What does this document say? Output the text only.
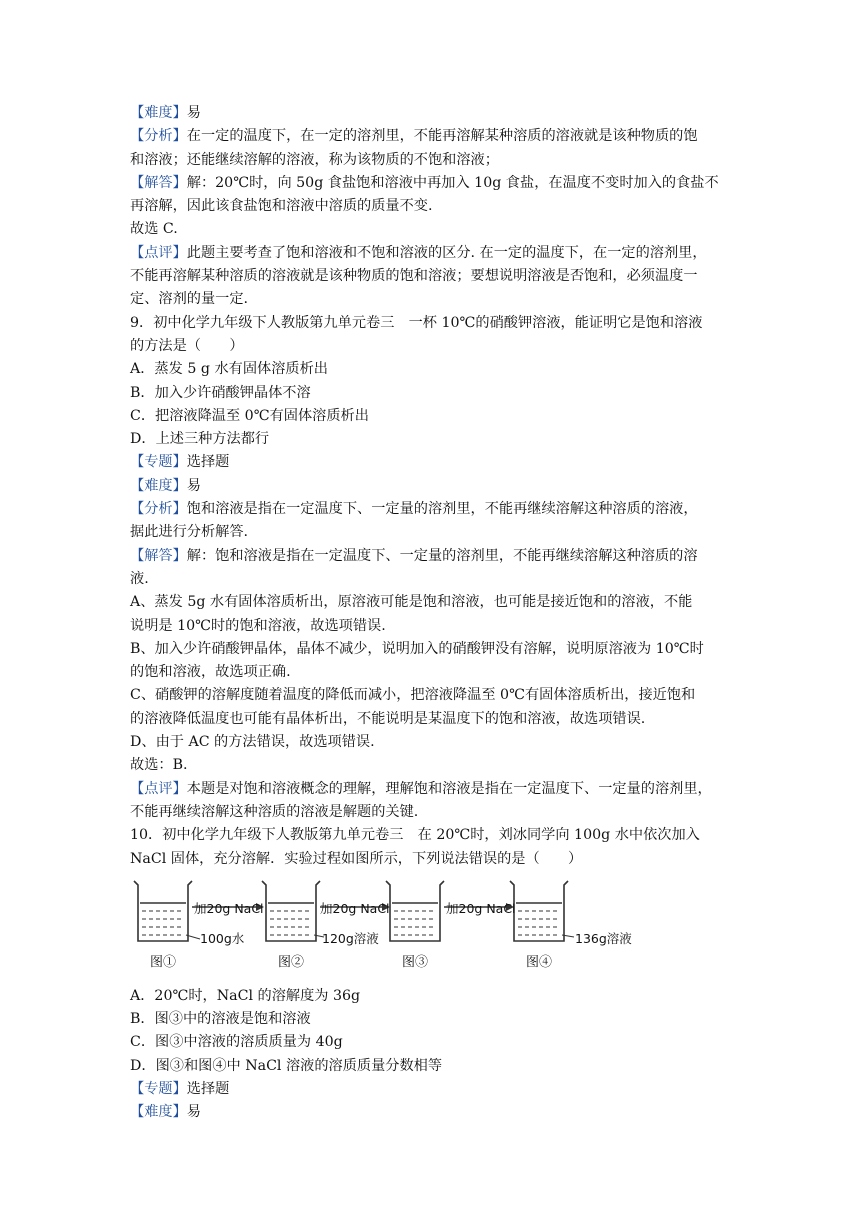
【难度】易
【分析】在一定的温度下，在一定的溶剂里，不能再溶解某种溶质的溶液就是该种物质的饱
和溶液；还能继续溶解的溶液，称为该物质的不饱和溶液；
【解答】解：20℃时，向 50g 食盐饱和溶液中再加入 10g 食盐，在温度不变时加入的食盐不
再溶解，因此该食盐饱和溶液中溶质的质量不变.
故选 C.
【点评】此题主要考查了饱和溶液和不饱和溶液的区分. 在一定的温度下，在一定的溶剂里，
不能再溶解某种溶质的溶液就是该种物质的饱和溶液；要想说明溶液是否饱和，必须温度一
定、溶剂的量一定.
9．初中化学九年级下人教版第九单元卷三　一杯 10℃的硝酸钾溶液，能证明它是饱和溶液
的方法是（　　）
A．蒸发 5 g 水有固体溶质析出
B．加入少许硝酸钾晶体不溶
C．把溶液降温至 0℃有固体溶质析出
D．上述三种方法都行
【专题】选择题
【难度】易
【分析】饱和溶液是指在一定温度下、一定量的溶剂里，不能再继续溶解这种溶质的溶液，
据此进行分析解答.
【解答】解：饱和溶液是指在一定温度下、一定量的溶剂里，不能再继续溶解这种溶质的溶
液.
A、蒸发 5g 水有固体溶质析出，原溶液可能是饱和溶液，也可能是接近饱和的溶液，不能
说明是 10℃时的饱和溶液，故选项错误.
B、加入少许硝酸钾晶体，晶体不减少，说明加入的硝酸钾没有溶解，说明原溶液为 10℃时
的饱和溶液，故选项正确.
C、硝酸钾的溶解度随着温度的降低而减小，把溶液降温至 0℃有固体溶质析出，接近饱和
的溶液降低温度也可能有晶体析出，不能说明是某温度下的饱和溶液，故选项错误.
D、由于 AC 的方法错误，故选项错误.
故选：B.
【点评】本题是对饱和溶液概念的理解，理解饱和溶液是指在一定温度下、一定量的溶剂里，
不能再继续溶解这种溶质的溶液是解题的关键.
10．初中化学九年级下人教版第九单元卷三　在 20℃时，刘冰同学向 100g 水中依次加入
NaCl 固体，充分溶解．实验过程如图所示，下列说法错误的是（　　）
加20g NaCl	加20g NaCl	加20g NaCl
100g水	120g溶液	136g溶液
图①	图②	图③	图④
A．20℃时，NaCl 的溶解度为 36g
B．图③中的溶液是饱和溶液
C．图③中溶液的溶质质量为 40g
D．图③和图④中 NaCl 溶液的溶质质量分数相等
【专题】选择题
【难度】易
